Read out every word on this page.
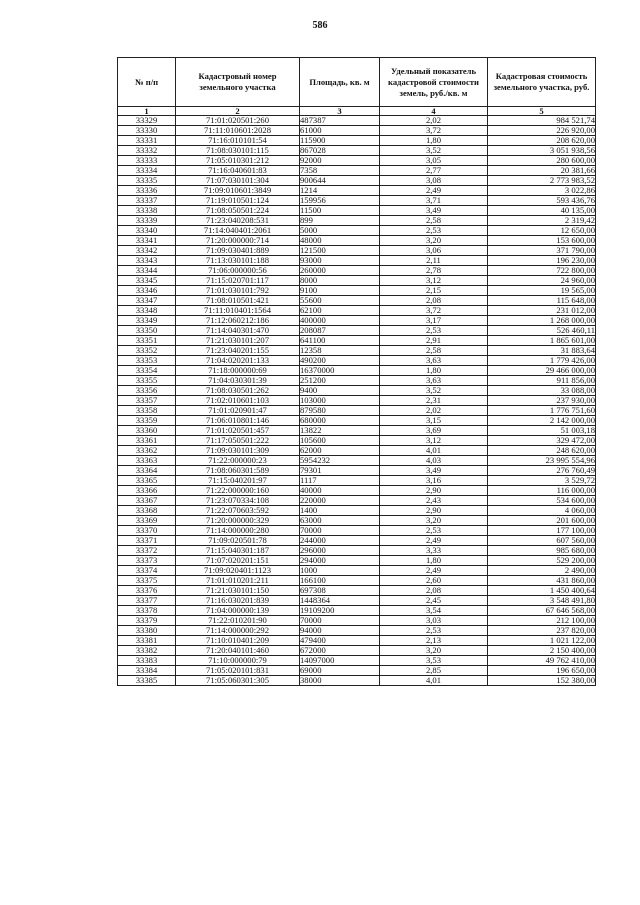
586
№ п/п	Кадастровый номер земельного участка	Площадь, кв. м	Удельный показатель кадастровой стоимости земель, руб./кв. м	Кадастровая стоимость земельного участка, руб.
1	2	3	4	5
33329	71:01:020501:260	487387	2,02	984 521,74
33330	71:11:010601:2028	61000	3,72	226 920,00
33331	71:16:010101:54	115900	1,80	208 620,00
33332	71:08:030101:115	867028	3,52	3 051 938,56
33333	71:05:010301:212	92000	3,05	280 600,00
33334	71:16:040601:83	7358	2,77	20 381,66
33335	71:07:030101:304	900644	3,08	2 773 983,52
33336	71:09:010601:3849	1214	2,49	3 022,86
33337	71:19:010501:124	159956	3,71	593 436,76
33338	71:08:050501:224	11500	3,49	40 135,00
33339	71:23:040208:531	899	2,58	2 319,42
33340	71:14:040401:2061	5000	2,53	12 650,00
33341	71:20:000000:714	48000	3,20	153 600,00
33342	71:09:030401:889	121500	3,06	371 790,00
33343	71:13:030101:188	93000	2,11	196 230,00
33344	71:06:000000:56	260000	2,78	722 800,00
33345	71:15:020701:117	8000	3,12	24 960,00
33346	71:01:030101:792	9100	2,15	19 565,00
33347	71:08:010501:421	55600	2,08	115 648,00
33348	71:11:010401:1564	62100	3,72	231 012,00
33349	71:12:060212:186	400000	3,17	1 268 000,00
33350	71:14:040301:470	208087	2,53	526 460,11
33351	71:21:030101:207	641100	2,91	1 865 601,00
33352	71:23:040201:155	12358	2,58	31 883,64
33353	71:04:020201:133	490200	3,63	1 779 426,00
33354	71:18:000000:69	16370000	1,80	29 466 000,00
33355	71:04:030301:39	251200	3,63	911 856,00
33356	71:08:030501:262	9400	3,52	33 088,00
33357	71:02:010601:103	103000	2,31	237 930,00
33358	71:01:020901:47	879580	2,02	1 776 751,60
33359	71:06:010801:146	680000	3,15	2 142 000,00
33360	71:01:020501:457	13822	3,69	51 003,18
33361	71:17:050501:222	105600	3,12	329 472,00
33362	71:09:030101:309	62000	4,01	248 620,00
33363	71:22:000000:23	5954232	4,03	23 995 554,96
33364	71:08:060301:589	79301	3,49	276 760,49
33365	71:15:040201:97	1117	3,16	3 529,72
33366	71:22:000000:160	40000	2,90	116 000,00
33367	71:23:070334:108	220000	2,43	534 600,00
33368	71:22:070603:592	1400	2,90	4 060,00
33369	71:20:000000:329	63000	3,20	201 600,00
33370	71:14:000000:280	70000	2,53	177 100,00
33371	71:09:020501:78	244000	2,49	607 560,00
33372	71:15:040301:187	296000	3,33	985 680,00
33373	71:07:020201:151	294000	1,80	529 200,00
33374	71:09:020401:1123	1000	2,49	2 490,00
33375	71:01:010201:211	166100	2,60	431 860,00
33376	71:21:030101:150	697308	2,08	1 450 400,64
33377	71:16:030201:839	1448364	2,45	3 548 491,80
33378	71:04:000000:139	19109200	3,54	67 646 568,00
33379	71:22:010201:90	70000	3,03	212 100,00
33380	71:14:000000:292	94000	2,53	237 820,00
33381	71:10:010401:209	479400	2,13	1 021 122,00
33382	71:20:040101:460	672000	3,20	2 150 400,00
33383	71:10:000000:79	14097000	3,53	49 762 410,00
33384	71:05:020101:831	69000	2,85	196 650,00
33385	71:05:060301:305	38000	4,01	152 380,00
